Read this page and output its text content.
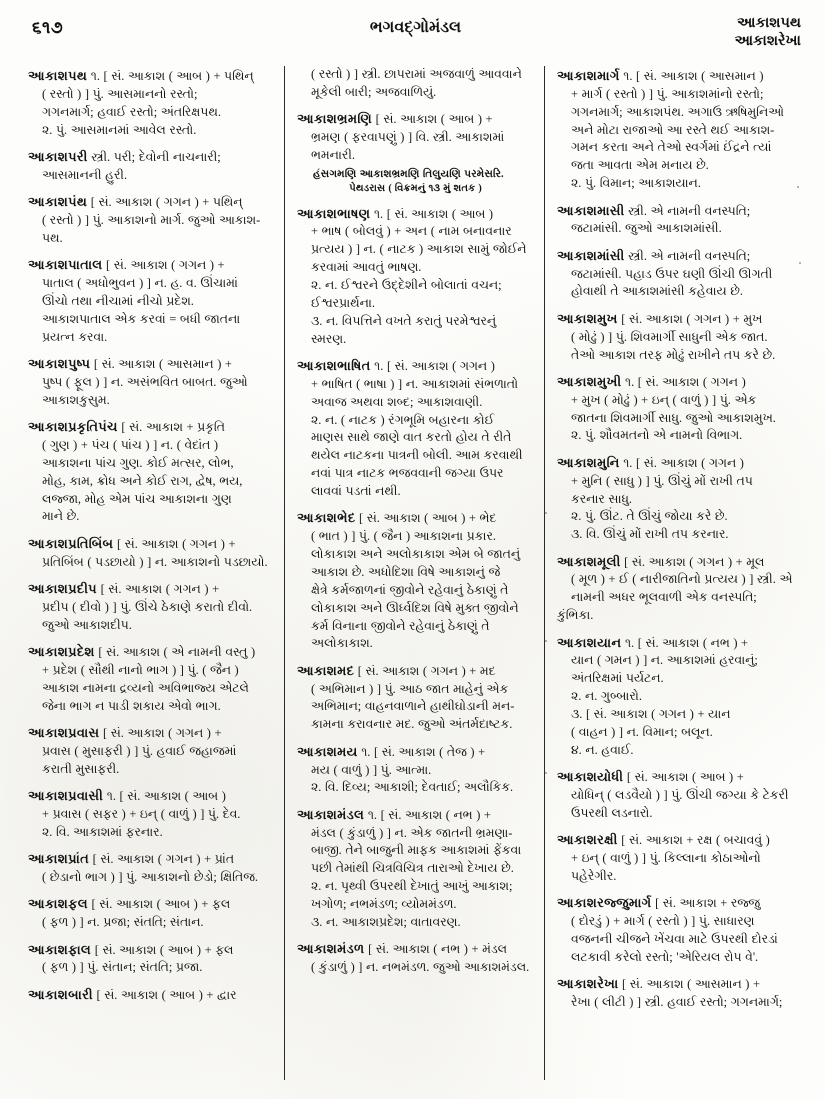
૬૧૭	ભગવદ્ગોમંડલ	આકાશપથ
આકાશરેખા

આકાશપથ ૧. [ સં. આકાશ ( આબ ) + પથિન્
( રસ્તો ) ] પું. આસમાનનો રસ્તો;
ગગનમાર્ગ; હવાઈ રસ્તો; અંતરિક્ષપથ.
૨. પું. આસમાનમાં આવેલ રસ્તો.

આકાશપરી સ્ત્રી. પરી; દેવોની નાચનારી;
આસમાનની હુરી.

આકાશપંથ [ સં. આકાશ ( ગગન ) + પથિન્
( રસ્તો ) ] પું. આકાશનો માર્ગ. જુઓ આકાશ-
પથ.

આકાશપાતાલ [ સં. આકાશ ( ગગન ) +
પાતાલ ( અધોભુવન ) ] ન. હ. વ. ઊંચામાં
ઊંચો તથા નીચામાં નીચો પ્રદેશ.
આકાશપાતાલ એક કરવાં = બધી જાતના
પ્રયત્ન કરવા.

આકાશપુષ્પ [ સં. આકાશ ( આસમાન ) +
પુષ્પ ( ફૂલ ) ] ન. અસંભવિત બાબત. જુઓ
આકાશકુસુમ.

આકાશપ્રકૃતિપંચ [ સં. આકાશ + પ્રકૃતિ
( ગુણ ) + પંચ ( પાંચ ) ] ન. ( વેદાંત )
આકાશના પાંચ ગુણ. કોઈ મત્સર, લોભ,
મોહ, કામ, ક્રોધ અને કોઈ રાગ, દ્વેષ, ભય,
લજ્જા, મોહ એમ પાંચ આકાશના ગુણ
માને છે.

આકાશપ્રતિબિંબ [ સં. આકાશ ( ગગન ) +
પ્રતિબિંબ ( પડછાયો ) ] ન. આકાશનો પડછાયો.

આકાશપ્રદીપ [ સં. આકાશ ( ગગન ) +
પ્રદીપ ( દીવો ) ] પું. ઊંચે ઠેકાણે કરાતો દીવો.
જુઓ આકાશદીપ.

આકાશપ્રદેશ [ સં. આકાશ ( એ નામની વસ્તુ )
+ પ્રદેશ ( સૌથી નાનો ભાગ ) ] પું. ( જૈન )
આકાશ નામના દ્રવ્યનો અવિભાજ્ય એટલે
જેના ભાગ ન પાડી શકાય એવો ભાગ.

આકાશપ્રવાસ [ સં. આકાશ ( ગગન ) +
પ્રવાસ ( મુસાફરી ) ] પું. હવાઈ જહાજમાં
કરાતી મુસાફરી.

આકાશપ્રવાસી ૧. [ સં. આકાશ ( આબ )
+ પ્રવાસ ( સફર ) + ઇન્ ( વાળું ) ] પું. દેવ.
૨. વિ. આકાશમાં ફરનાર.

આકાશપ્રાંત [ સં. આકાશ ( ગગન ) + પ્રાંત
( છેડાનો ભાગ ) ] પું. આકાશનો છેડો; ક્ષિતિજ.

આકાશફલ [ સં. આકાશ ( આબ ) + ફલ
( ફળ ) ] ન. પ્રજા; સંતતિ; સંતાન.

આકાશફાલ [ સં. આકાશ ( આબ ) + ફલ
( ફળ ) ] પું. સંતાન; સંતતિ; પ્રજા.

આકાશબારી [ સં. આકાશ ( આબ ) + દ્વાર

( રસ્તો ) ] સ્ત્રી. છાપરામાં અજવાળું આવવાને
મૂકેલી બારી; અજવાળિયું.

આકાશભ્રમણિ [ સં. આકાશ ( આબ ) +
ભ્રમણ ( ફરવાપણું ) ] વિ. સ્ત્રી. આકાશમાં
ભમનારી.
હંસગમણિ આકાશભ્રમણિ તિલુયણિ પરમેસરિ.
પેથડરાસ ( વિક્રમનું ૧૩ મું શતક )

આકાશભાષણ ૧. [ સં. આકાશ ( આબ )
+ ભાષ ( બોલવું ) + અન ( નામ બનાવનાર
પ્રત્યય ) ] ન. ( નાટક ) આકાશ સામું જોઈને
કરવામાં આવતું ભાષણ.
૨. ન. ઈશ્વરને ઉદ્દેશીને બોલાતાં વચન;
ઈશ્વરપ્રાર્થના.
૩. ન. વિપત્તિને વખતે કરાતું પરમેશ્વરનું
સ્મરણ.

આકાશભાષિત ૧. [ સં. આકાશ ( ગગન )
+ ભાષિત ( ભાષા ) ] ન. આકાશમાં સંભળાતો
અવાજ અથવા શબ્દ; આકાશવાણી.
૨. ન. ( નાટક ) રંગભૂમિ બહારના કોઈ
માણસ સાથે જાણે વાત કરતો હોય તે રીતે
થયેલ નાટકના પાત્રની બોલી. આમ કરવાથી
નવાં પાત્ર નાટક ભજવવાની જગ્યા ઉપર
લાવવાં પડતાં નથી.

આકાશભેદ [ સં. આકાશ ( આબ ) + ભેદ
( ભાત ) ] પું. ( જૈન ) આકાશના પ્રકાર.
લોકાકાશ અને અલોકાકાશ એમ બે જાતનું
આકાશ છે. અધોદિશા વિષે આકાશનું જે
ક્ષેત્રે કર્મજાળનાં જીવોને રહેવાનું ઠેકાણું તે
લોકાકાશ અને ઊર્ધ્વદિશ વિષે મુક્ત જીવોને
કર્મ વિનાના જીવોને રહેવાનું ઠેકાણું તે
અલોકાકાશ.

આકાશમદ [ સં. આકાશ ( ગગન ) + મદ
( અભિમાન ) ] પું. આઠ જાત માહેનું એક
અભિમાન; વાહનવાળાને હાથીઘોડાની મન-
કામના કરાવનાર મદ. જુઓ અંતર્મદાષ્ટક.

આકાશમય ૧. [ સં. આકાશ ( તેજ ) +
મય ( વાળું ) ] પું. આત્મા.
૨. વિ. દિવ્ય; આકાશી; દેવતાઈ; અલૌકિક.

આકાશમંડલ ૧. [ સં. આકાશ ( નભ ) +
મંડલ ( કુંડાળું ) ] ન. એક જાતની ભ્રમણા-
બાજી. તેને બાજુની માફક આકાશમાં ફેંકવા
પછી તેમાંથી ચિત્રવિચિત્ર તારાઓ દેખાય છે.
૨. ન. પૃથ્વી ઉપરથી દેખાતું આખું આકાશ;
ખગોળ; નભમંડળ; વ્યોમમંડળ.
૩. ન. આકાશપ્રદેશ; વાતાવરણ.

આકાશમંડળ [ સં. આકાશ ( નભ ) + મંડલ
( કુંડાળું ) ] ન. નભમંડળ. જુઓ આકાશમંડલ.

આકાશમાર્ગ ૧. [ સં. આકાશ ( આસમાન )
+ માર્ગ ( રસ્તો ) ] પું. આકાશમાંનો રસ્તો;
ગગનમાર્ગ; આકાશપંથ. અગાઉ ઋષિમુનિઓ
અને મોટા રાજાઓ આ રસ્તે થઈ આકાશ-
ગમન કરતા અને તેઓ સ્વર્ગમાં ઈંદ્રને ત્યાં
જતા આવતા એમ મનાય છે.
૨. પું. વિમાન; આકાશયાન.

આકાશમાસી સ્ત્રી. એ નામની વનસ્પતિ;
જટામાંસી. જુઓ આકાશમાંસી.

આકાશમાંસી સ્ત્રી. એ નામની વનસ્પતિ;
જટામાંસી. પહાડ ઉપર ઘણી ઊંચી ઊગતી
હોવાથી તે આકાશમાંસી કહેવાય છે.

આકાશમુખ [ સં. આકાશ ( ગગન ) + મુખ
( મોઢું ) ] પું. શિવમાર્ગી સાધુની એક જાત.
તેઓ આકાશ તરફ મોઢું રાખીને તપ કરે છે.

આકાશમુખી ૧. [ સં. આકાશ ( ગગન )
+ મુખ ( મોઢું ) + ઇન્ ( વાળું ) ] પું. એક
જાતના શિવમાર્ગી સાધુ. જુઓ આકાશમુખ.
૨. પું. શૌવમતનો એ નામનો વિભાગ.

આકાશમુનિ ૧. [ સં. આકાશ ( ગગન )
+ મુનિ ( સાધુ ) ] પું. ઊંચું મોં રાખી તપ
કરનાર સાધુ.
૨. પું. ઊંટ. તે ઊંચું જોયા કરે છે.
૩. વિ. ઊંચું મોં રાખી તપ કરનાર.

આકાશમૂલી [ સં. આકાશ ( ગગન ) + મૂલ
( મૂળ ) + ઈ ( નારીજાતિનો પ્રત્યય ) ] સ્ત્રી. એ
નામની અધર ભૂલવાળી એક વનસ્પતિ; કુંભિકા.

આકાશયાન ૧. [ સં. આકાશ ( નભ ) +
યાન ( ગમન ) ] ન. આકાશમાં હરવાનું;
અંતરિક્ષમાં પર્યટન.
૨. ન. ગુબ્બારો.
૩. [ સં. આકાશ ( ગગન ) + યાન
( વાહન ) ] ન. વિમાન; બલૂન.
૪. ન. હવાઈ.

આકાશયોધી [ સં. આકાશ ( આબ ) +
યોધિન્ ( લડવૈયો ) ] પું. ઊંચી જગ્યા કે ટેકરી
ઉપરથી લડનારો.

આકાશરક્ષી [ સં. આકાશ + રક્ષ ( બચાવવું )
+ ઇન્ ( વાળું ) ] પું. કિલ્લાના કોઠાઓનો
પહેરેગીર.

આકાશરજ્જુમાર્ગ [ સં. આકાશ + રજ્જુ
( દોરડું ) + માર્ગ ( રસ્તો ) ] પું. સાધારણ
વજનની ચીજને ખેંચવા માટે ઉપરથી દોરડાં
લટકાવી કરેલો રસ્તો; 'એરિયલ રોપ વે'.

આકાશરેખા [ સં. આકાશ ( આસમાન ) +
રેખા ( લીટી ) ] સ્ત્રી. હવાઈ રસ્તો; ગગનમાર્ગ;
